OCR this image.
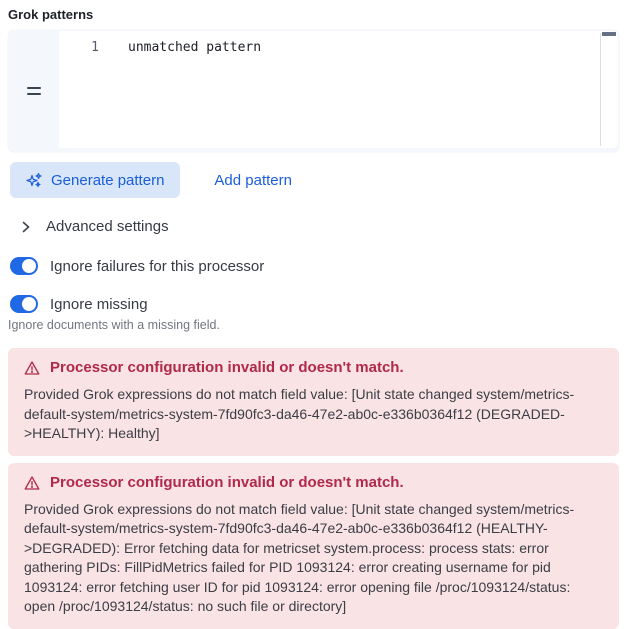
Grok patterns
1	unmatched pattern
Generate pattern	Add pattern
Advanced settings
Ignore failures for this processor
Ignore missing
Ignore documents with a missing field.
Processor configuration invalid or doesn't match.
Provided Grok expressions do not match field value: [Unit state changed system/metrics-default-system/metrics-system-7fd90fc3-da46-47e2-ab0c-e336b0364f12 (DEGRADED->HEALTHY): Healthy]
Processor configuration invalid or doesn't match.
Provided Grok expressions do not match field value: [Unit state changed system/metrics-default-system/metrics-system-7fd90fc3-da46-47e2-ab0c-e336b0364f12 (HEALTHY->DEGRADED): Error fetching data for metricset system.process: process stats: error gathering PIDs: FillPidMetrics failed for PID 1093124: error creating username for pid 1093124: error fetching user ID for pid 1093124: error opening file /proc/1093124/status: open /proc/1093124/status: no such file or directory]
